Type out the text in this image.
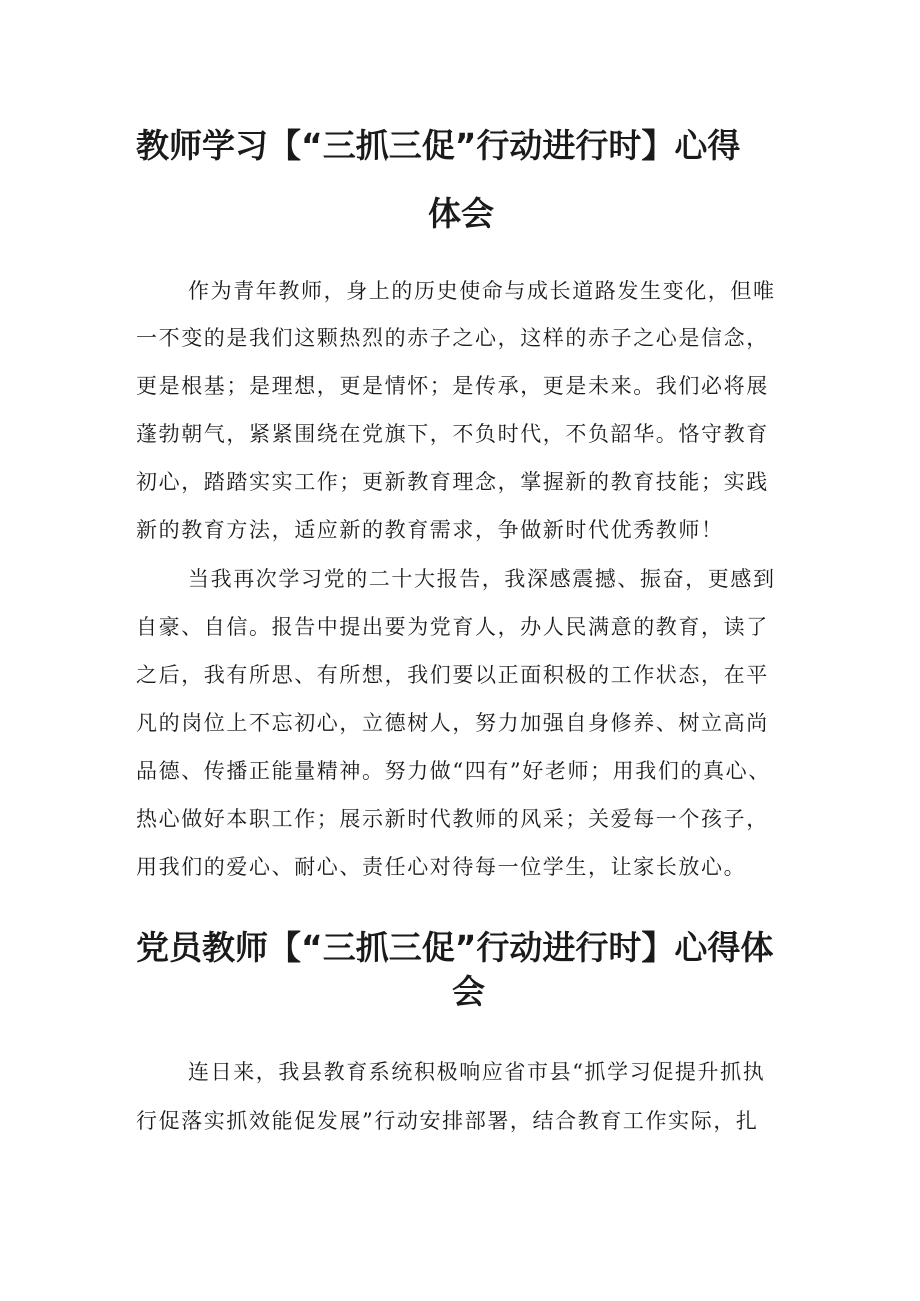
教师学习【“三抓三促”行动进行时】心得
体会

作为青年教师，身上的历史使命与成长道路发生变化，但唯

一不变的是我们这颗热烈的赤子之心，这样的赤子之心是信念，

更是根基；是理想，更是情怀；是传承，更是未来。我们必将展

蓬勃朝气，紧紧围绕在党旗下，不负时代，不负韶华。恪守教育

初心，踏踏实实工作；更新教育理念，掌握新的教育技能；实践

新的教育方法，适应新的教育需求，争做新时代优秀教师！

当我再次学习党的二十大报告，我深感震撼、振奋，更感到

自豪、自信。报告中提出要为党育人，办人民满意的教育，读了

之后，我有所思、有所想，我们要以正面积极的工作状态，在平

凡的岗位上不忘初心，立德树人，努力加强自身修养、树立高尚

品德、传播正能量精神。努力做“四有”好老师；用我们的真心、

热心做好本职工作；展示新时代教师的风采；关爱每一个孩子，

用我们的爱心、耐心、责任心对待每一位学生，让家长放心。

党员教师【“三抓三促”行动进行时】心得体
会

连日来，我县教育系统积极响应省市县“抓学习促提升抓执

行促落实抓效能促发展”行动安排部署，结合教育工作实际，扎
